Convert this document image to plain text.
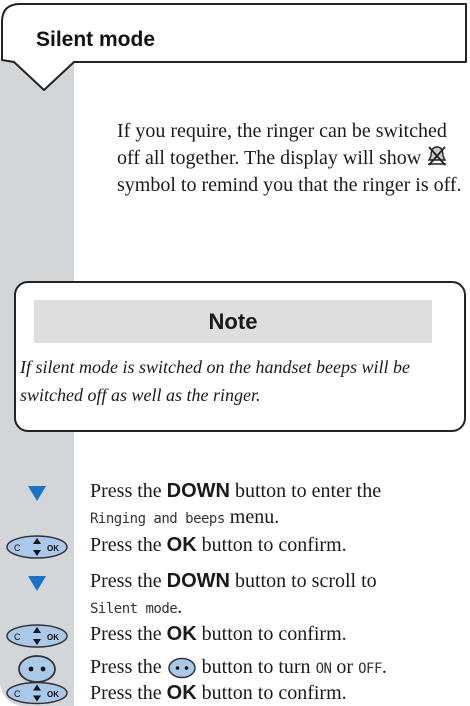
Silent mode
If you require, the ringer can be switched off all together. The display will show  symbol to remind you that the ringer is off.
Note
If silent mode is switched on the handset beeps will be switched off as well as the ringer.
Press the DOWN button to enter the
Ringing and beeps menu.
C	OK Press the OK button to confirm.
Press the DOWN button to scroll to
Silent mode.
C	OK Press the OK button to confirm.
Press the  button to turn ON or OFF.
C	OK Press the OK button to confirm.
